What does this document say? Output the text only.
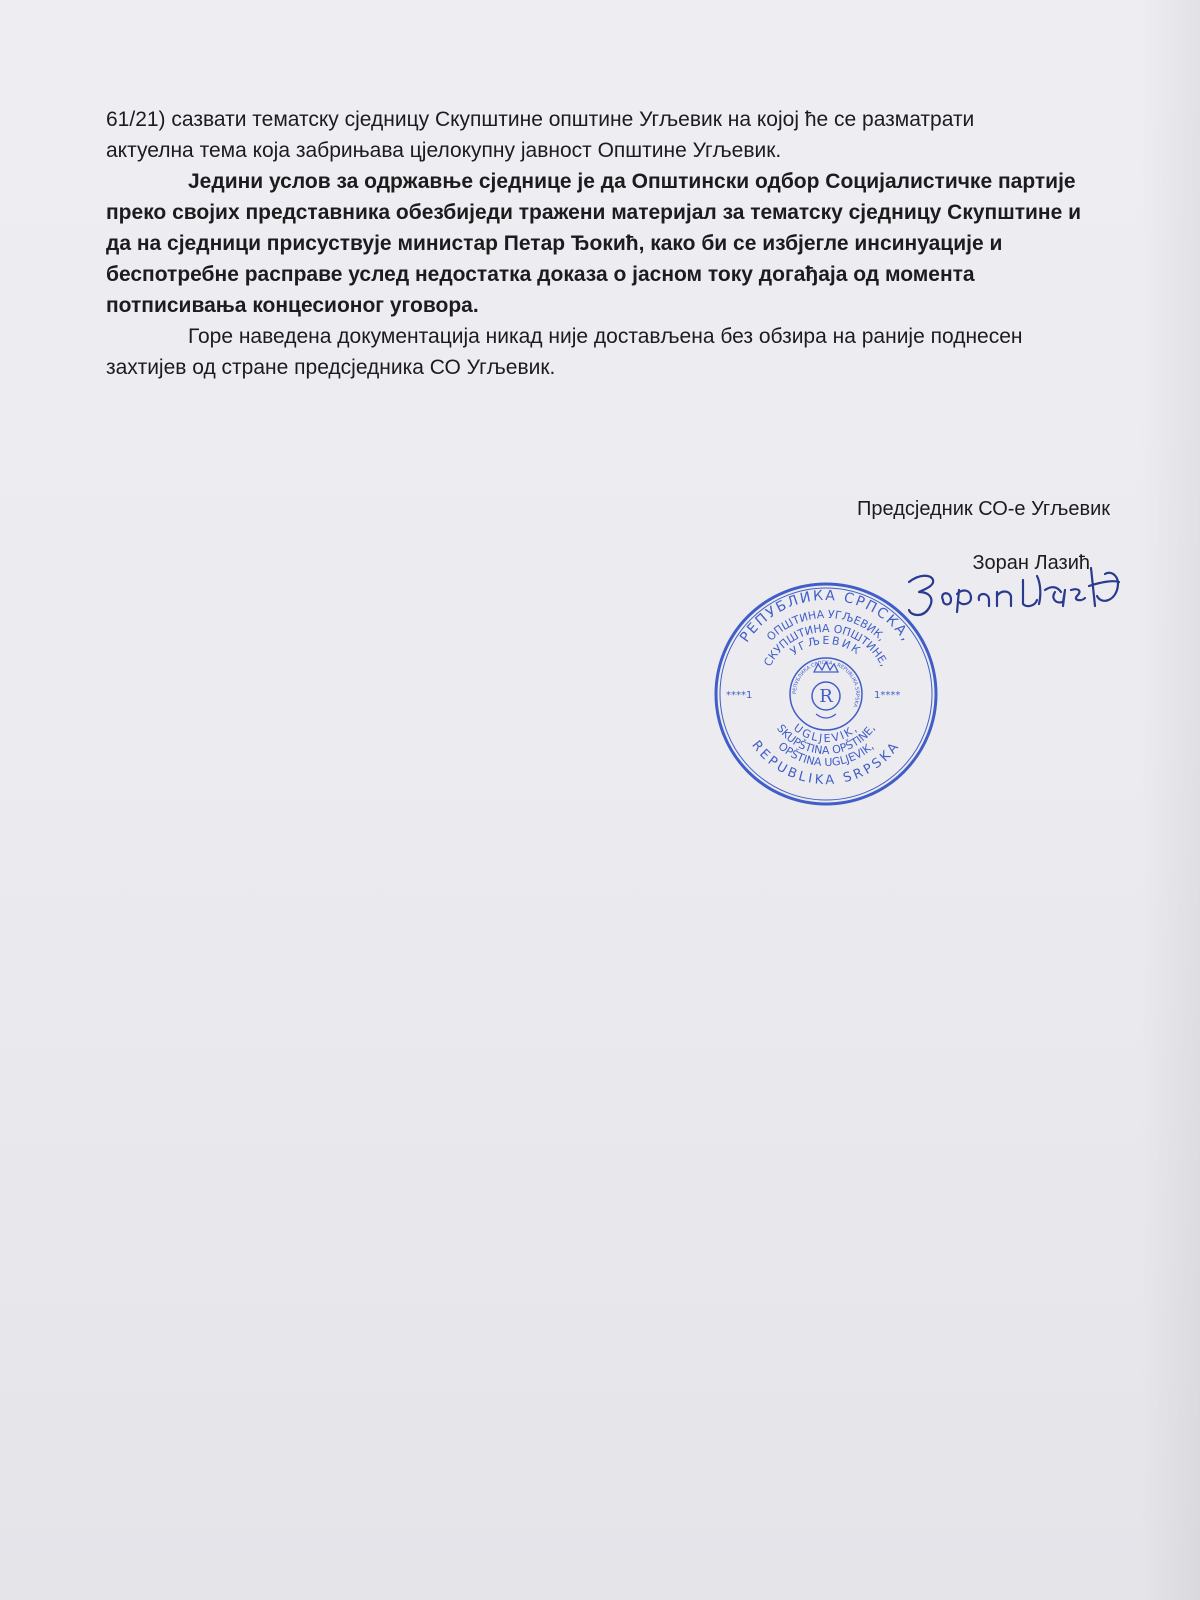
61/21) сазвати тематску сједницу Скупштине општине Угљевик на којој ће се разматрати
актуелна тема која забрињава цјелокупну јавност Општине Угљевик.
Једини услов за одржавње сједнице је да Општински одбор Социјалистичке партије
преко својих представника обезбиједи тражени материјал за тематску сједницу Скупштине и
да на сједници присуствује министар Петар Ђокић, како би се избјегле инсинуације и
беспотребне расправе услед недостатка доказа о јасном току догађаја од момента
потписивања концесионог уговора.
Горе наведена документација никад није достављена без обзира на раније поднесен
захтијев од стране предсједника СО Угљевик.
Предсједник СО-е Угљевик
Зоран Лазић
РЕПУБЛИКА СРПСКА,
ОПШТИНА УГЉЕВИК,
СКУПШТИНА ОПШТИНЕ,
УГЉЕВИК
UGLJEVIK,
SKUPŠTINA OPŠTINE,
OPŠTINA UGLJEVIK,
REPUBLIKA SRPSKA
****1	1****
РЕПУБЛИКА СРПСКА · REPUBLIKA SRPSKA
R
